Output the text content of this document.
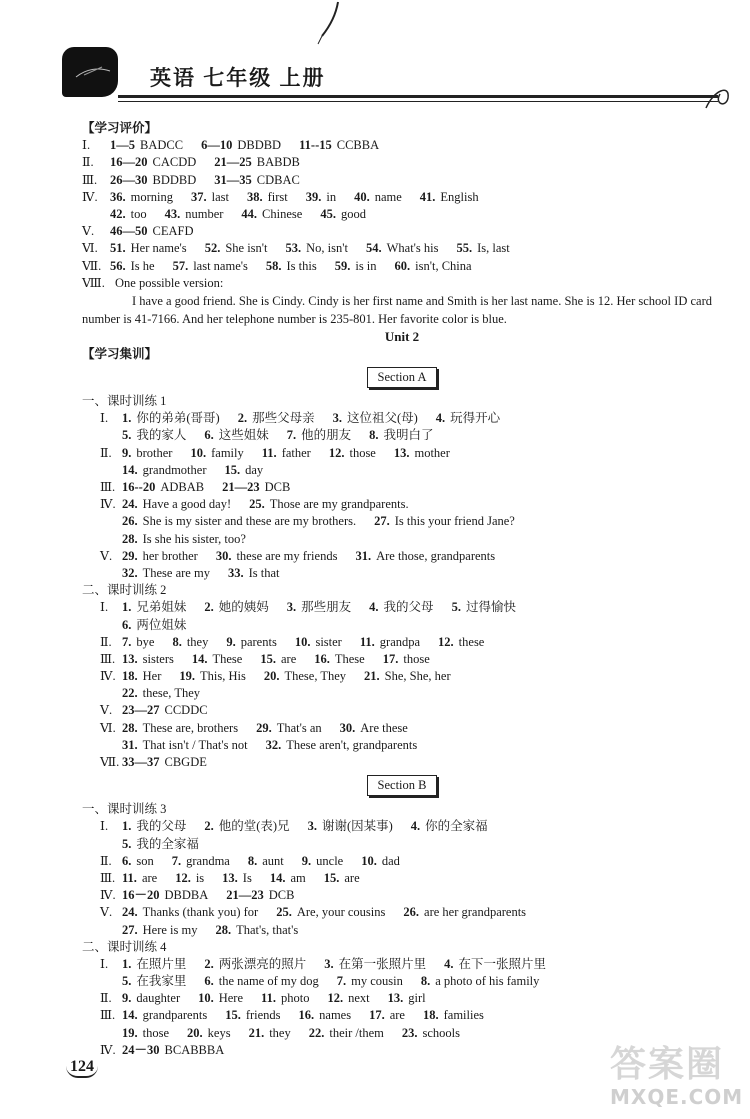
英语 七年级 上册
【学习评价】
Ⅰ. 1—5 BADCC 6—10 DBDBD 11--15 CCBBA
Ⅱ. 16—20 CACDD 21—25 BABDB
Ⅲ. 26—30 BDDBD 31—35 CDBAC
Ⅳ. 36. morning 37. last 38. first 39. in 40. name 41. English
42. too 43. number 44. Chinese 45. good
Ⅴ. 46—50 CEAFD
Ⅵ. 51. Her name's 52. She isn't 53. No, isn't 54. What's his 55. Is, last
Ⅶ. 56. Is he 57. last name's 58. Is this 59. is in 60. isn't, China
Ⅷ. One possible version:

I have a good friend. She is Cindy. Cindy is her first name and Smith is her last name. She is 12. Her school ID card number is 41-7166. And her telephone number is 235-801. Her favorite color is blue.

Unit 2
【学习集训】
Section A
一、课时训练 1
Ⅰ. 1. 你的弟弟(哥哥) 2. 那些父母亲 3. 这位祖父(母) 4. 玩得开心
5. 我的家人 6. 这些姐妹 7. 他的朋友 8. 我明白了
Ⅱ. 9. brother 10. family 11. father 12. those 13. mother
14. grandmother 15. day
Ⅲ. 16--20 ADBAB 21—23 DCB
Ⅳ. 24. Have a good day! 25. Those are my grandparents.
26. She is my sister and these are my brothers. 27. Is this your friend Jane?
28. Is she his sister, too?
Ⅴ. 29. her brother 30. these are my friends 31. Are those, grandparents
32. These are my 33. Is that
二、课时训练 2
Ⅰ. 1. 兄弟姐妹 2. 她的姨妈 3. 那些朋友 4. 我的父母 5. 过得愉快
6. 两位姐妹
Ⅱ. 7. bye 8. they 9. parents 10. sister 11. grandpa 12. these
Ⅲ. 13. sisters 14. These 15. are 16. These 17. those
Ⅳ. 18. Her 19. This, His 20. These, They 21. She, She, her
22. these, They
Ⅴ. 23—27 CCDDC
Ⅵ. 28. These are, brothers 29. That's an 30. Are these
31. That isn't / That's not 32. These aren't, grandparents
Ⅶ. 33—37 CBGDE
Section B
一、课时训练 3
Ⅰ. 1. 我的父母 2. 他的堂(表)兄 3. 谢谢(因某事) 4. 你的全家福
5. 我的全家福
Ⅱ. 6. son 7. grandma 8. aunt 9. uncle 10. dad
Ⅲ. 11. are 12. is 13. Is 14. am 15. are
Ⅳ. 16－20 DBDBA 21—23 DCB
Ⅴ. 24. Thanks (thank you) for 25. Are, your cousins 26. are her grandparents
27. Here is my 28. That's, that's
二、课时训练 4
Ⅰ. 1. 在照片里 2. 两张漂亮的照片 3. 在第一张照片里 4. 在下一张照片里
5. 在我家里 6. the name of my dog 7. my cousin 8. a photo of his family
Ⅱ. 9. daughter 10. Here 11. photo 12. next 13. girl
Ⅲ. 14. grandparents 15. friends 16. names 17. are 18. families
19. those 20. keys 21. they 22. their /them 23. schools
Ⅳ. 24－30 BCABBBA
124	答案圈
MXQE.COM
